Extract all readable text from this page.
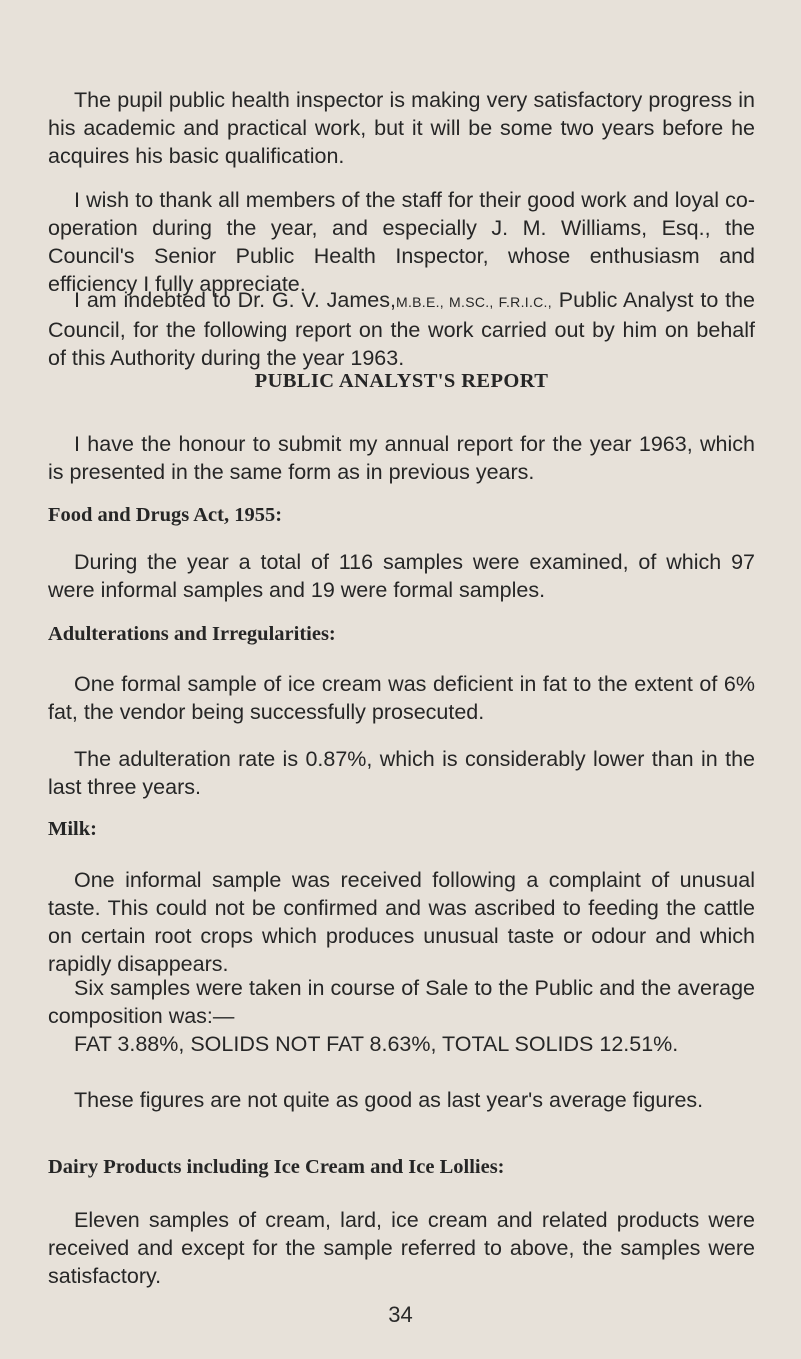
The pupil public health inspector is making very satisfactory progress in his academic and practical work, but it will be some two years before he acquires his basic qualification.

I wish to thank all members of the staff for their good work and loyal co-operation during the year, and especially J. M. Williams, Esq., the Council's Senior Public Health Inspector, whose enthusiasm and efficiency I fully appreciate.

I am indebted to Dr. G. V. James,M.B.E., M.SC., F.R.I.C., Public Analyst to the Council, for the following report on the work carried out by him on behalf of this Authority during the year 1963.

PUBLIC ANALYST'S REPORT

I have the honour to submit my annual report for the year 1963, which is presented in the same form as in previous years.

Food and Drugs Act, 1955:

During the year a total of 116 samples were examined, of which 97 were informal samples and 19 were formal samples.

Adulterations and Irregularities:

One formal sample of ice cream was deficient in fat to the extent of 6% fat, the vendor being successfully prosecuted.

The adulteration rate is 0.87%, which is considerably lower than in the last three years.

Milk:

One informal sample was received following a complaint of unusual taste. This could not be confirmed and was ascribed to feeding the cattle on certain root crops which produces unusual taste or odour and which rapidly disappears.

Six samples were taken in course of Sale to the Public and the average composition was:—

FAT 3.88%, SOLIDS NOT FAT 8.63%, TOTAL SOLIDS 12.51%.

These figures are not quite as good as last year's average figures.

Dairy Products including Ice Cream and Ice Lollies:

Eleven samples of cream, lard, ice cream and related products were received and except for the sample referred to above, the samples were satisfactory.

34
